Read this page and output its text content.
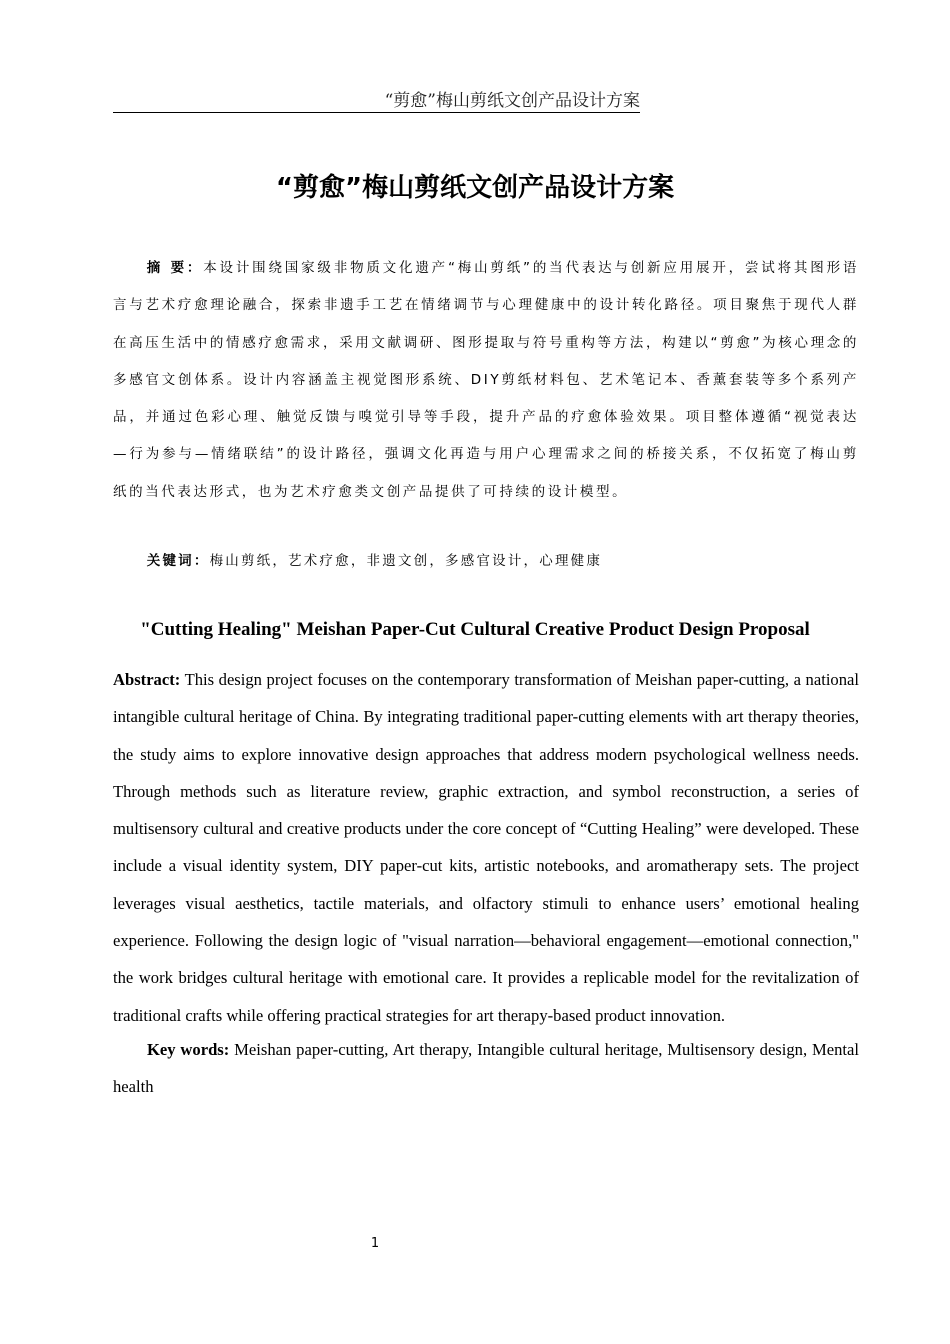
“剪愈”梅山剪纸文创产品设计方案
“剪愈”梅山剪纸文创产品设计方案

摘 要：本设计围绕国家级非物质文化遗产“梅山剪纸”的当代表达与创新应用展开，尝试将其图形语言与艺术疗愈理论融合，探索非遗手工艺在情绪调节与心理健康中的设计转化路径。项目聚焦于现代人群在高压生活中的情感疗愈需求，采用文献调研、图形提取与符号重构等方法，构建以“剪愈”为核心理念的多感官文创体系。设计内容涵盖主视觉图形系统、DIY剪纸材料包、艺术笔记本、香薰套装等多个系列产品，并通过色彩心理、触觉反馈与嗅觉引导等手段，提升产品的疗愈体验效果。项目整体遵循“视觉表达—行为参与—情绪联结”的设计路径，强调文化再造与用户心理需求之间的桥接关系，不仅拓宽了梅山剪纸的当代表达形式，也为艺术疗愈类文创产品提供了可持续的设计模型。

关键词：梅山剪纸，艺术疗愈，非遗文创，多感官设计，心理健康

"Cutting Healing" Meishan Paper-Cut Cultural Creative Product Design Proposal

Abstract: This design project focuses on the contemporary transformation of Meishan paper-cutting, a national intangible cultural heritage of China. By integrating traditional paper-cutting elements with art therapy theories, the study aims to explore innovative design approaches that address modern psychological wellness needs. Through methods such as literature review, graphic extraction, and symbol reconstruction, a series of multisensory cultural and creative products under the core concept of “Cutting Healing” were developed. These include a visual identity system, DIY paper-cut kits, artistic notebooks, and aromatherapy sets. The project leverages visual aesthetics, tactile materials, and olfactory stimuli to enhance users’ emotional healing experience. Following the design logic of "visual narration—behavioral engagement—emotional connection," the work bridges cultural heritage with emotional care. It provides a replicable model for the revitalization of traditional crafts while offering practical strategies for art therapy-based product innovation.

Key words: Meishan paper-cutting, Art therapy, Intangible cultural heritage, Multisensory design, Mental health

1
